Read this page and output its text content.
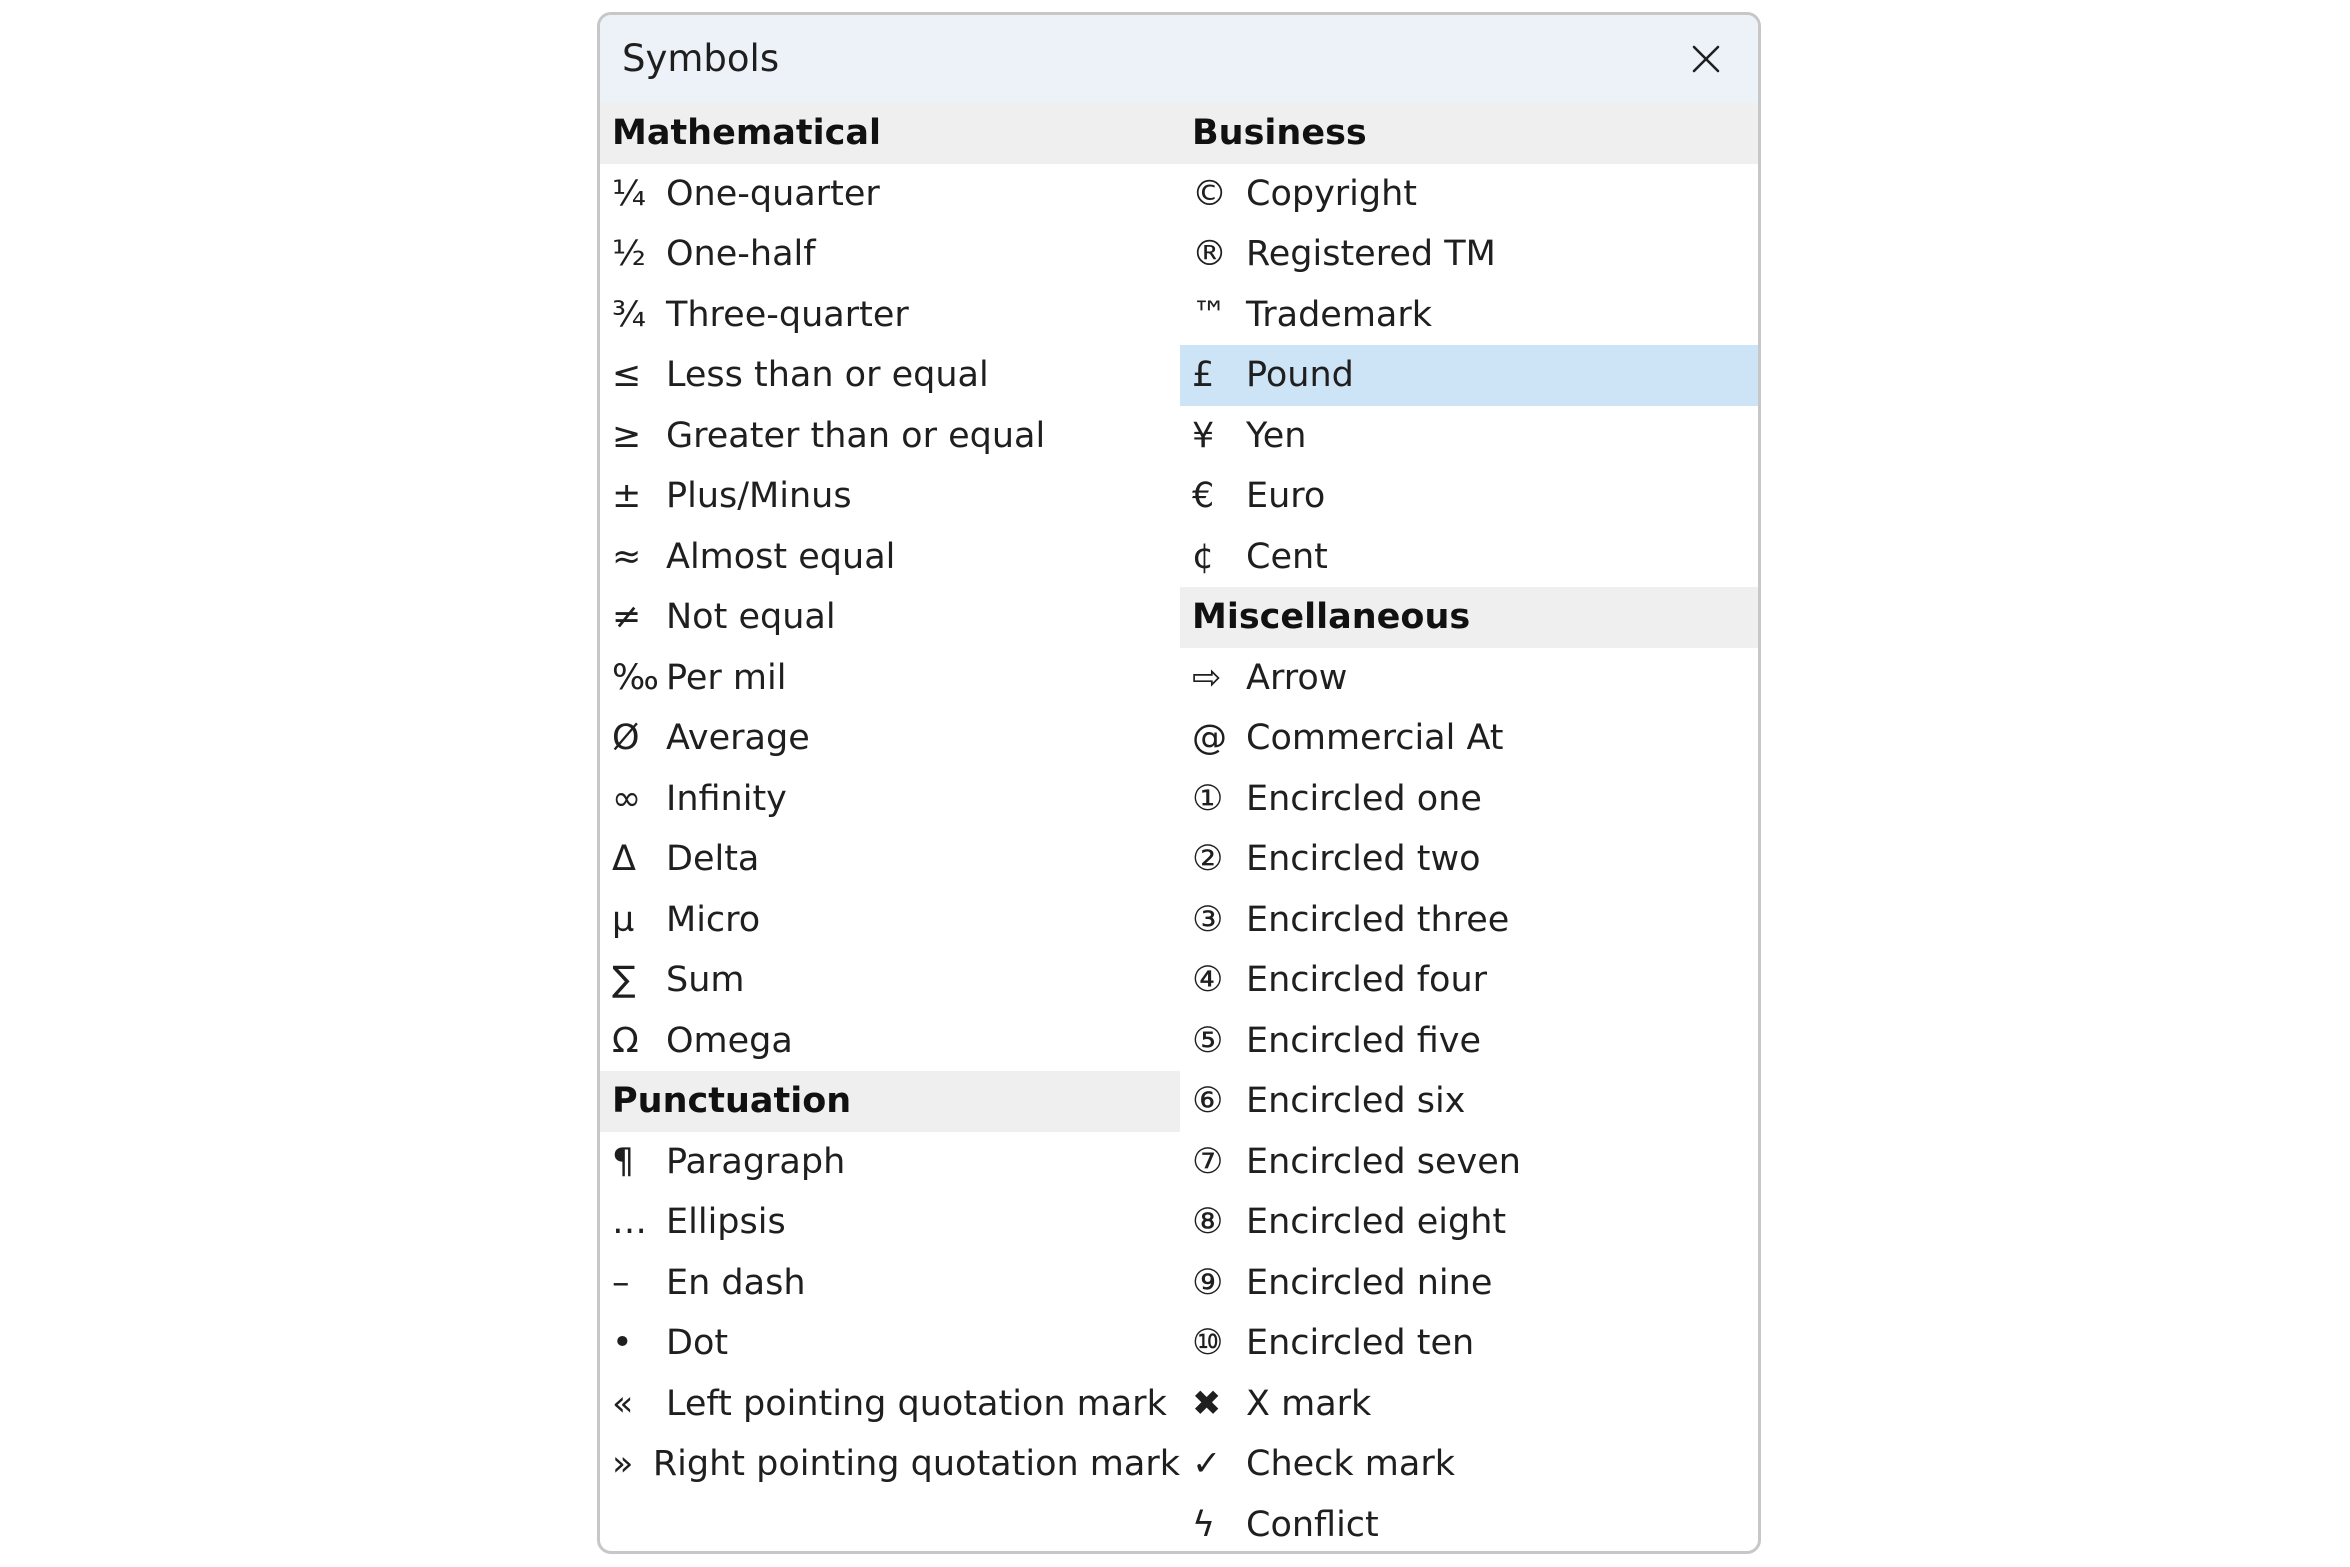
Symbols
Mathematical
¼ One-quarter
½ One-half
¾ Three-quarter
≤ Less than or equal
≥ Greater than or equal
± Plus/Minus
≈ Almost equal
≠ Not equal
‰ Per mil
Ø Average
∞ Infinity
Δ Delta
µ Micro
∑ Sum
Ω Omega
Punctuation
¶ Paragraph
… Ellipsis
–	En dash
• Dot
« Left pointing quotation mark
» Right pointing quotation mark
Business
© Copyright
® Registered TM
™ Trademark
£ Pound
¥ Yen
€ Euro
¢ Cent
Miscellaneous
⇨ Arrow
@ Commercial At
① Encircled one
② Encircled two
③ Encircled three
④ Encircled four
⑤ Encircled five
⑥ Encircled six
⑦ Encircled seven
⑧ Encircled eight
⑨ Encircled nine
⑩ Encircled ten
✖ X mark
✓ Check mark
ϟ Conflict
